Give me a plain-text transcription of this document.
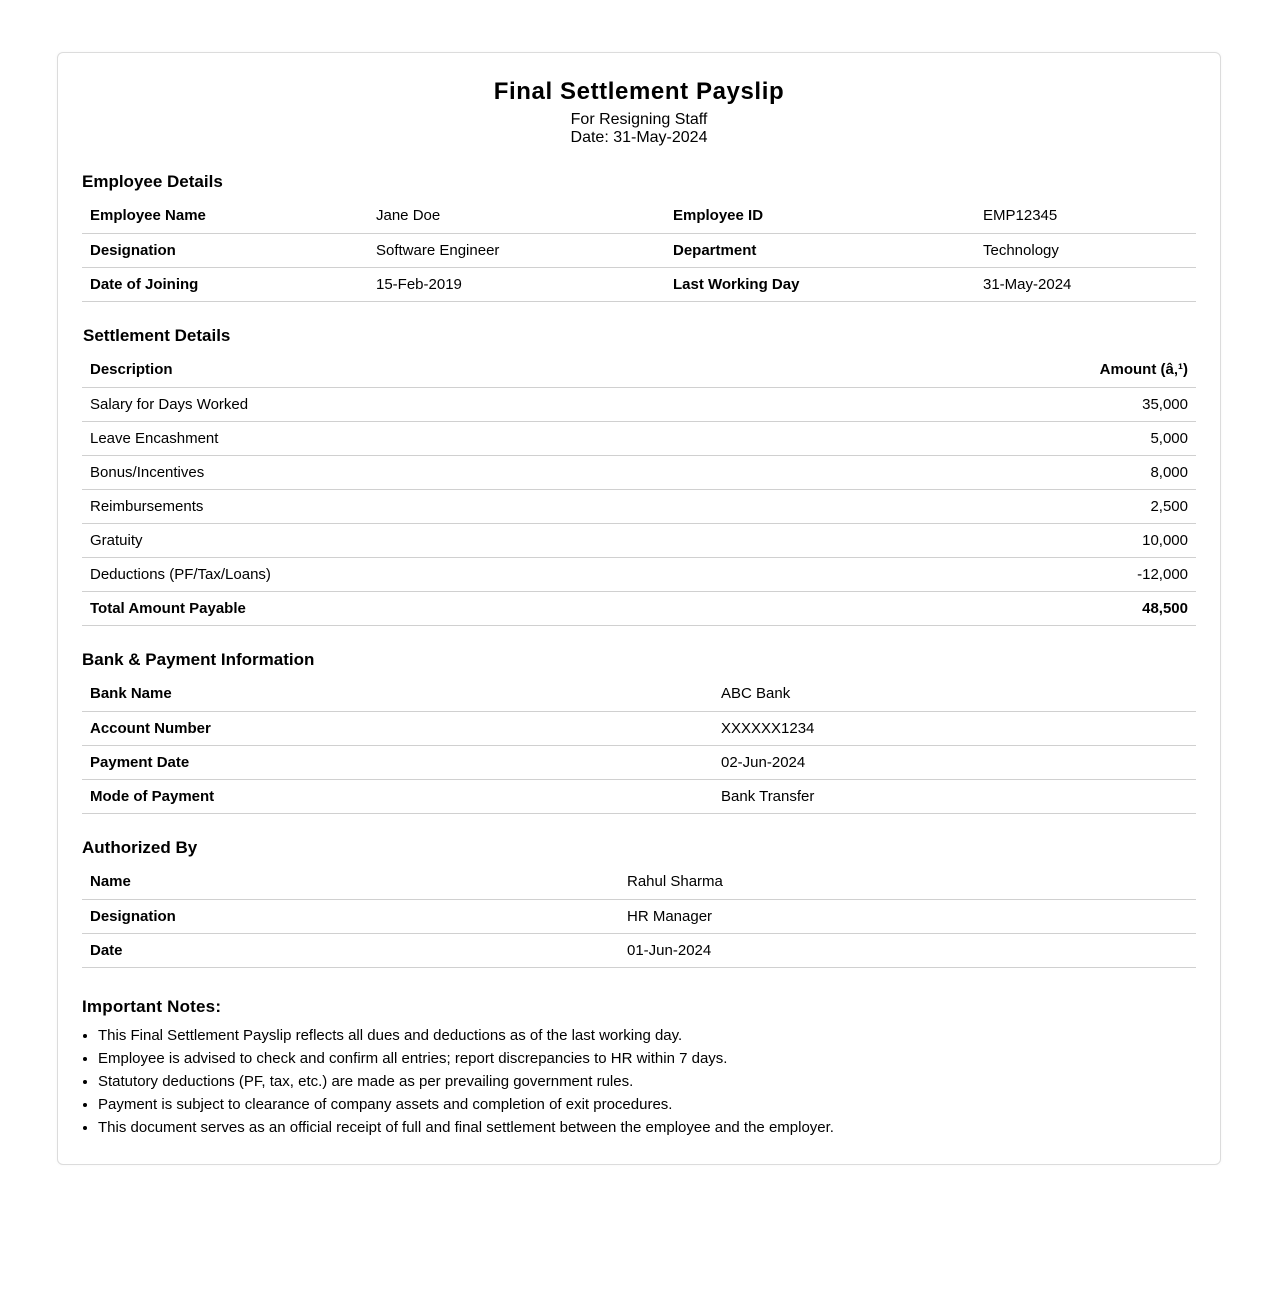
Final Settlement Payslip
For Resigning Staff
Date: 31-May-2024
Employee Details
Employee Name	Jane Doe	Employee ID	EMP12345
Designation	Software Engineer	Department	Technology
Date of Joining	15-Feb-2019	Last Working Day	31-May-2024
Settlement Details
Description	Amount (â‚¹)
Salary for Days Worked	35,000
Leave Encashment	5,000
Bonus/Incentives	8,000
Reimbursements	2,500
Gratuity	10,000
Deductions (PF/Tax/Loans)	-12,000
Total Amount Payable	48,500
Bank & Payment Information
Bank Name	ABC Bank
Account Number	XXXXXX1234
Payment Date	02-Jun-2024
Mode of Payment	Bank Transfer
Authorized By
Name	Rahul Sharma
Designation	HR Manager
Date	01-Jun-2024
Important Notes:
• This Final Settlement Payslip reflects all dues and deductions as of the last working day.
• Employee is advised to check and confirm all entries; report discrepancies to HR within 7 days.
• Statutory deductions (PF, tax, etc.) are made as per prevailing government rules.
• Payment is subject to clearance of company assets and completion of exit procedures.
• This document serves as an official receipt of full and final settlement between the employee and the employer.
